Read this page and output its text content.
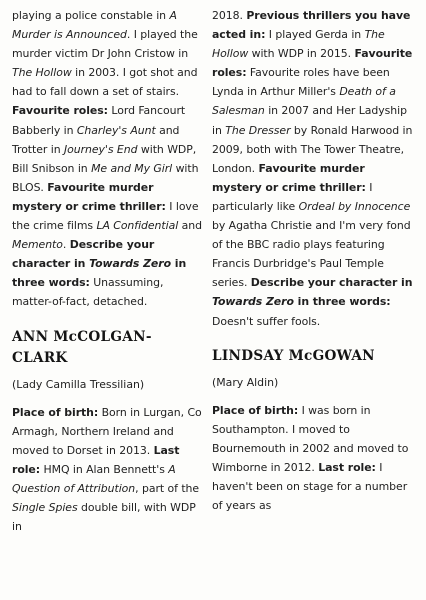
playing a police constable in A Murder is Announced. I played the murder victim Dr John Cristow in The Hollow in 2003. I got shot and had to fall down a set of stairs. Favourite roles: Lord Fancourt Babberly in Charley's Aunt and Trotter in Journey's End with WDP, Bill Snibson in Me and My Girl with BLOS. Favourite murder mystery or crime thriller: I love the crime films LA Confidential and Memento. Describe your character in Towards Zero in three words: Unassuming, matter-of-fact, detached.

ANN McCOLGAN-
CLARK

(Lady Camilla Tressilian)

Place of birth: Born in Lurgan, Co Armagh, Northern Ireland and moved to Dorset in 2013. Last role: HMQ in Alan Bennett's A Question of Attribution, part of the Single Spies double bill, with WDP in

2018. Previous thrillers you have acted in: I played Gerda in The Hollow with WDP in 2015. Favourite roles: Favourite roles have been Lynda in Arthur Miller's Death of a Salesman in 2007 and Her Ladyship in The Dresser by Ronald Harwood in 2009, both with The Tower Theatre, London. Favourite murder mystery or crime thriller: I particularly like Ordeal by Innocence by Agatha Christie and I'm very fond of the BBC radio plays featuring Francis Durbridge's Paul Temple series. Describe your character in Towards Zero in three words: Doesn't suffer fools.

LINDSAY McGOWAN

(Mary Aldin)

Place of birth: I was born in Southampton. I moved to Bournemouth in 2002 and moved to Wimborne in 2012. Last role: I haven't been on stage for a number of years as
